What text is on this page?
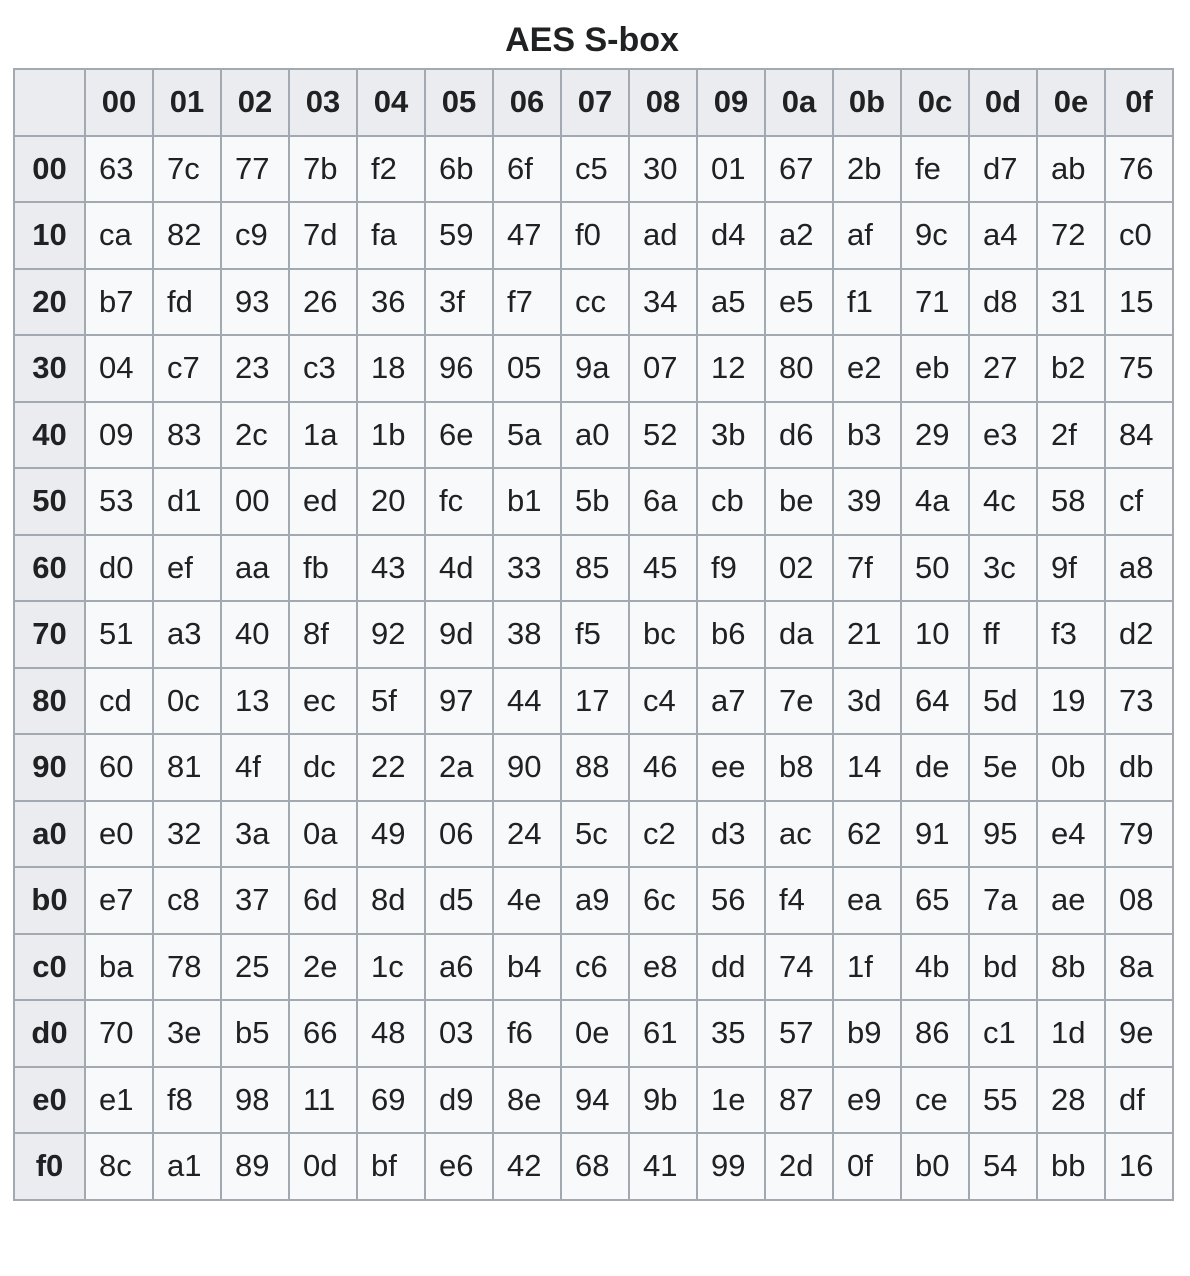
AES S-box
	00	01	02	03	04	05	06	07	08	09	0a	0b	0c	0d	0e	0f
00	63	7c	77	7b	f2	6b	6f	c5	30	01	67	2b	fe	d7	ab	76
10	ca	82	c9	7d	fa	59	47	f0	ad	d4	a2	af	9c	a4	72	c0
20	b7	fd	93	26	36	3f	f7	cc	34	a5	e5	f1	71	d8	31	15
30	04	c7	23	c3	18	96	05	9a	07	12	80	e2	eb	27	b2	75
40	09	83	2c	1a	1b	6e	5a	a0	52	3b	d6	b3	29	e3	2f	84
50	53	d1	00	ed	20	fc	b1	5b	6a	cb	be	39	4a	4c	58	cf
60	d0	ef	aa	fb	43	4d	33	85	45	f9	02	7f	50	3c	9f	a8
70	51	a3	40	8f	92	9d	38	f5	bc	b6	da	21	10	ff	f3	d2
80	cd	0c	13	ec	5f	97	44	17	c4	a7	7e	3d	64	5d	19	73
90	60	81	4f	dc	22	2a	90	88	46	ee	b8	14	de	5e	0b	db
a0	e0	32	3a	0a	49	06	24	5c	c2	d3	ac	62	91	95	e4	79
b0	e7	c8	37	6d	8d	d5	4e	a9	6c	56	f4	ea	65	7a	ae	08
c0	ba	78	25	2e	1c	a6	b4	c6	e8	dd	74	1f	4b	bd	8b	8a
d0	70	3e	b5	66	48	03	f6	0e	61	35	57	b9	86	c1	1d	9e
e0	e1	f8	98	11	69	d9	8e	94	9b	1e	87	e9	ce	55	28	df
f0	8c	a1	89	0d	bf	e6	42	68	41	99	2d	0f	b0	54	bb	16
